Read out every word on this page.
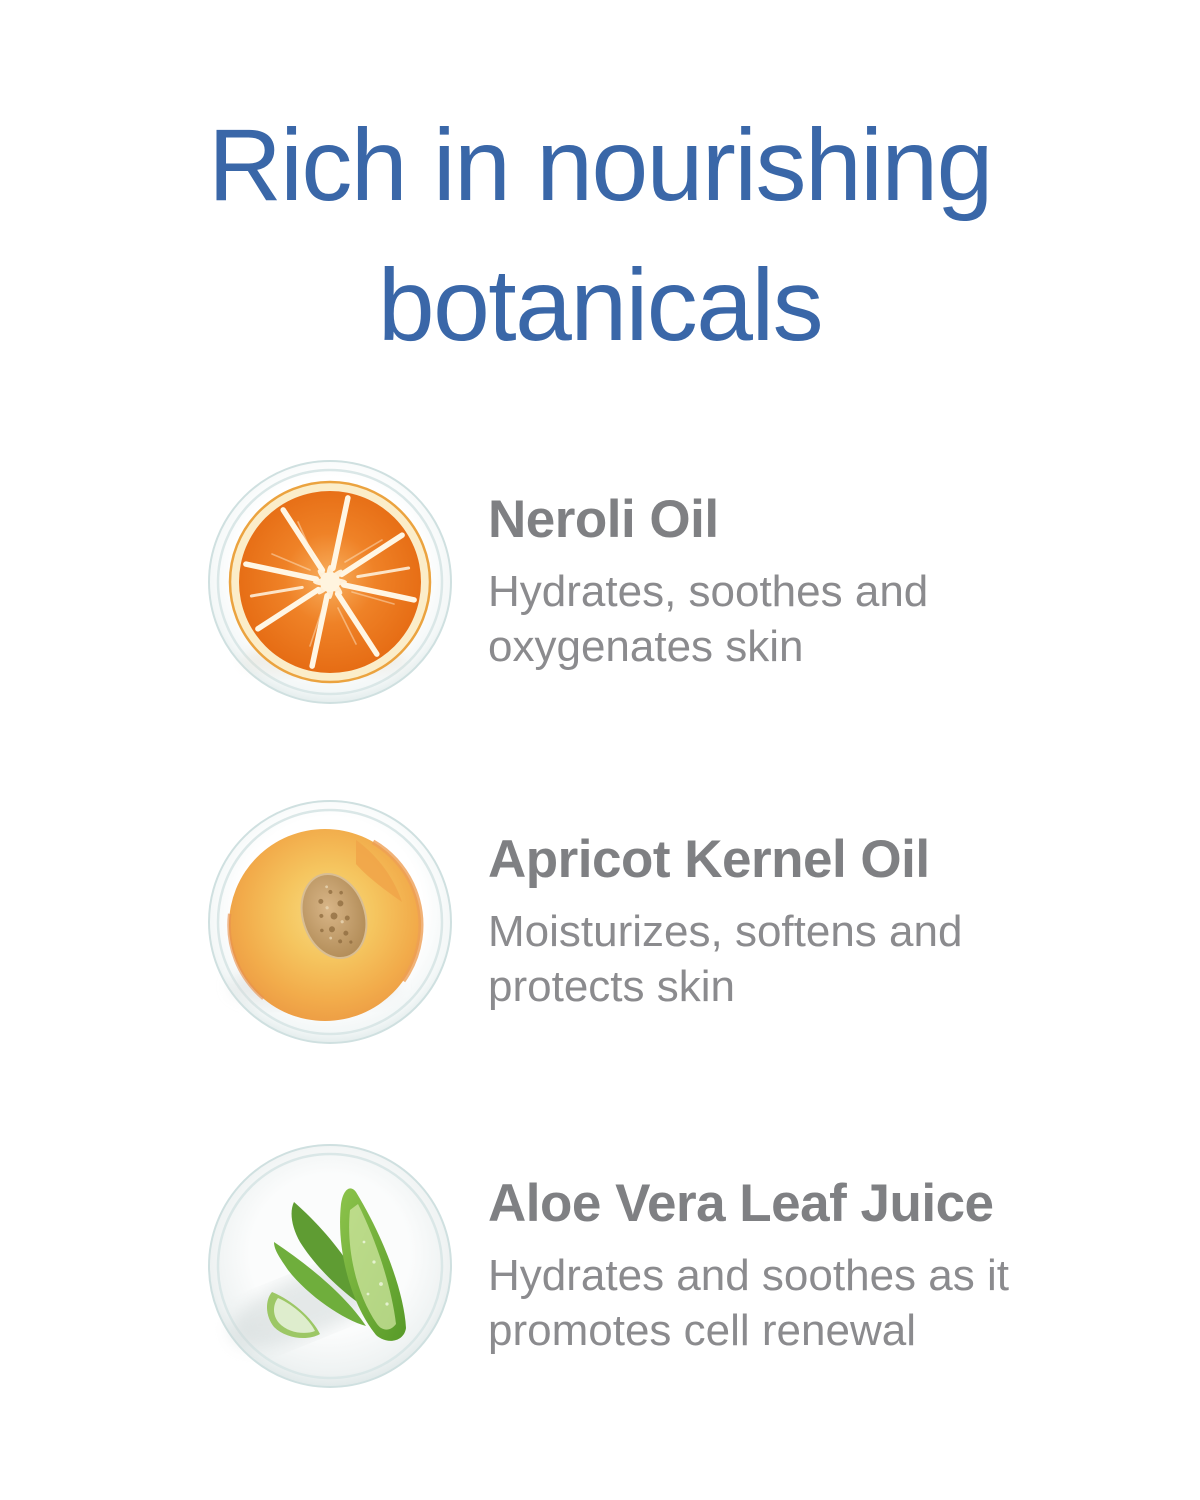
Rich in nourishing
botanicals
Neroli Oil

Hydrates, soothes and

oxygenates skin

Apricot Kernel Oil

Moisturizes, softens and

protects skin

Aloe Vera Leaf Juice

Hydrates and soothes as it

promotes cell renewal
